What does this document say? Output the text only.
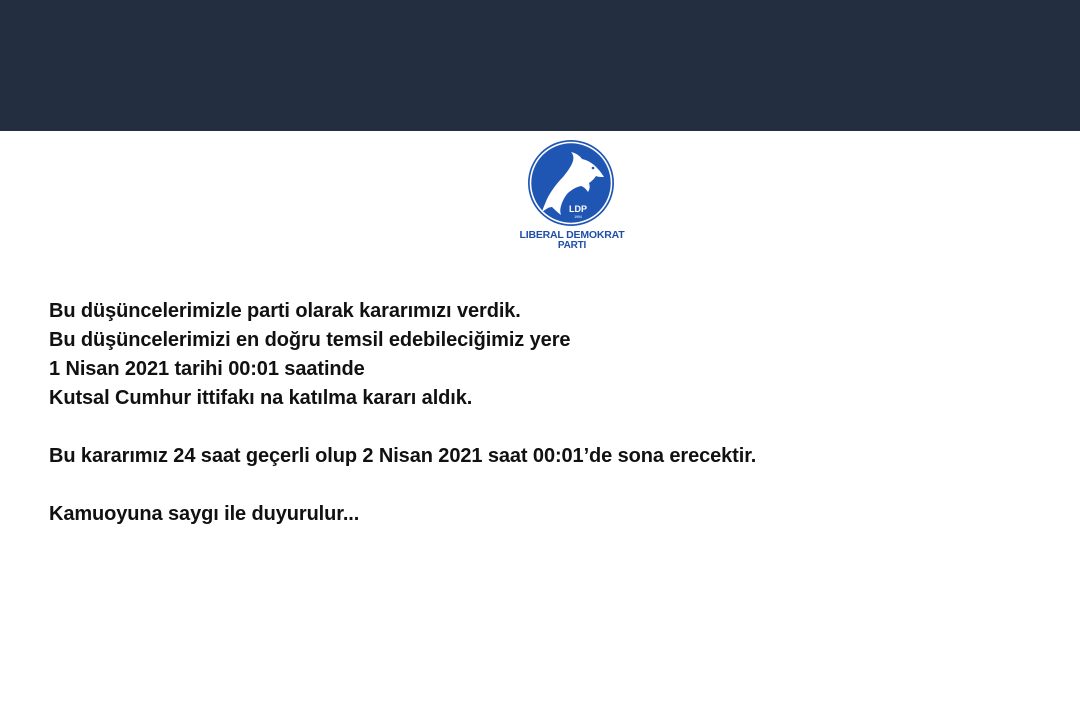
LDP
1994
LIBERAL DEMOKRAT
PARTI
Bu düşüncelerimizle parti olarak kararımızı verdik.
Bu düşüncelerimizi en doğru temsil edebileciğimiz yere
1 Nisan 2021 tarihi 00:01 saatinde
Kutsal Cumhur ittifakı na katılma kararı aldık.
Bu kararımız 24 saat geçerli olup 2 Nisan 2021 saat 00:01’de sona erecektir.
Kamuoyuna saygı ile duyurulur...
